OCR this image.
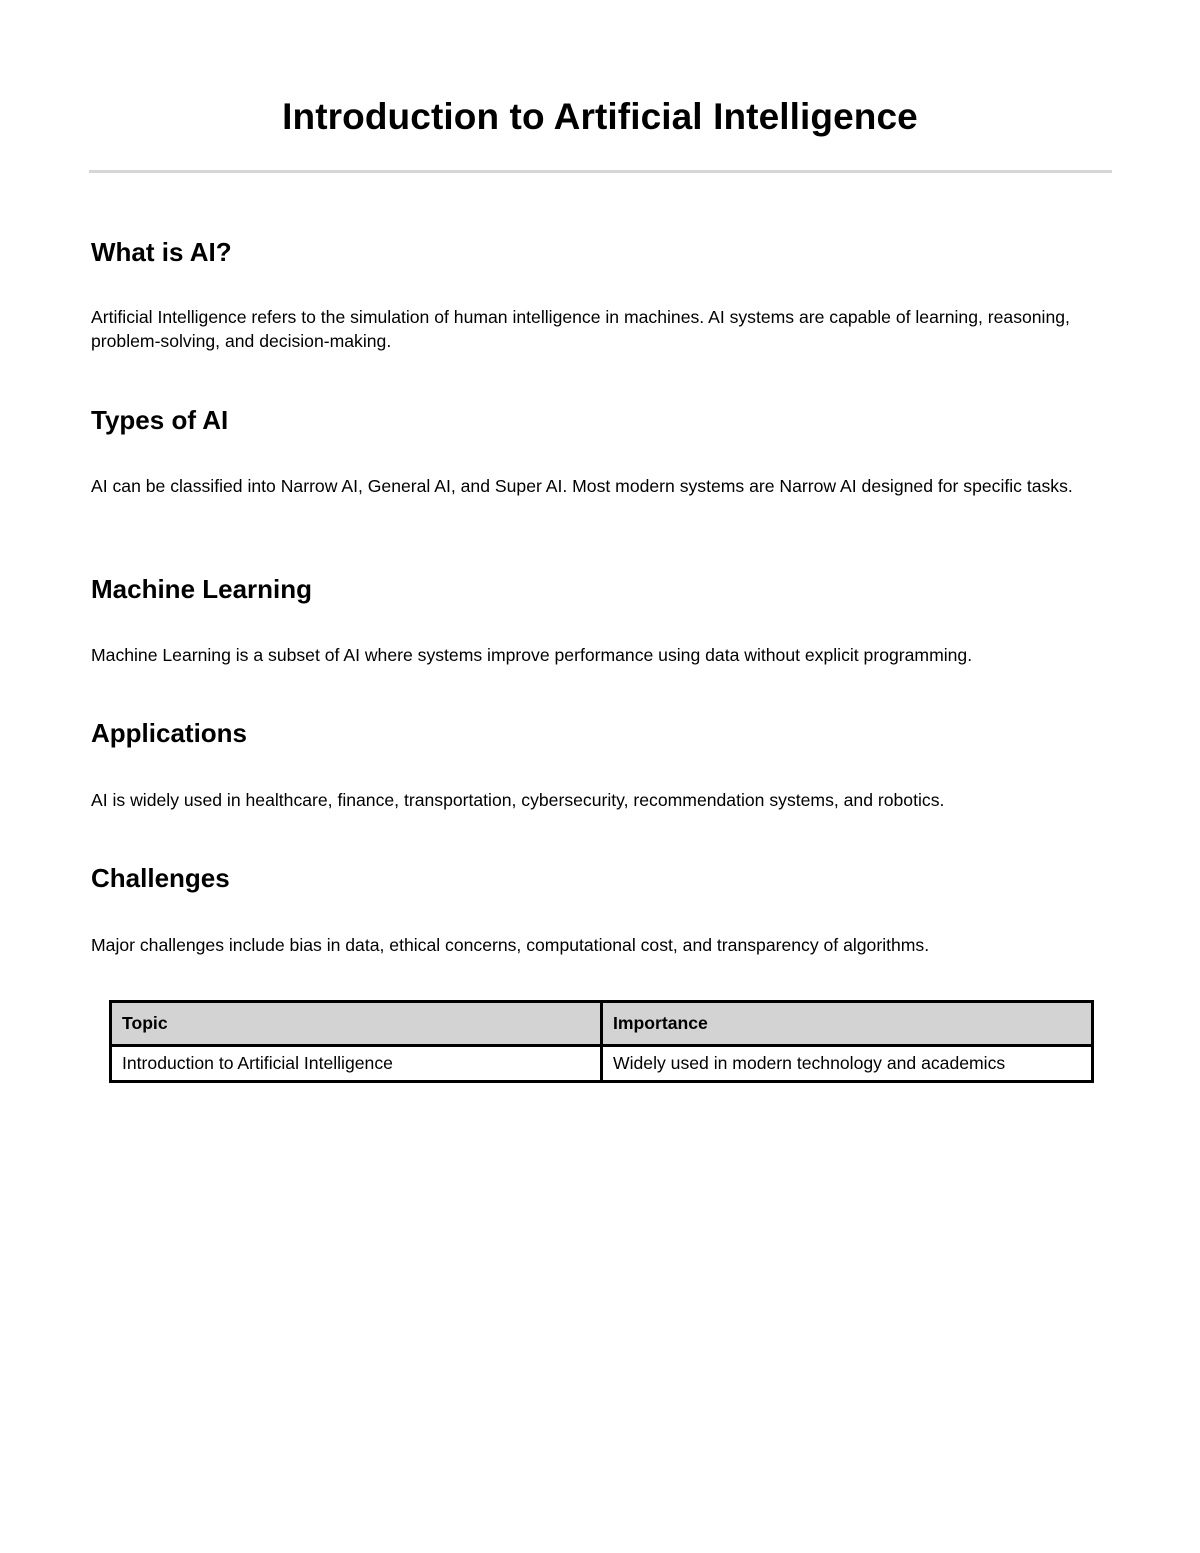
Introduction to Artificial Intelligence
What is AI?

Artificial Intelligence refers to the simulation of human intelligence in machines. AI systems are capable of learning, reasoning, problem-solving, and decision-making.

Types of AI

AI can be classified into Narrow AI, General AI, and Super AI. Most modern systems are Narrow AI designed for specific tasks.

Machine Learning

Machine Learning is a subset of AI where systems improve performance using data without explicit programming.

Applications

AI is widely used in healthcare, finance, transportation, cybersecurity, recommendation systems, and robotics.

Challenges

Major challenges include bias in data, ethical concerns, computational cost, and transparency of algorithms.

Topic	Importance
Introduction to Artificial Intelligence	Widely used in modern technology and academics
